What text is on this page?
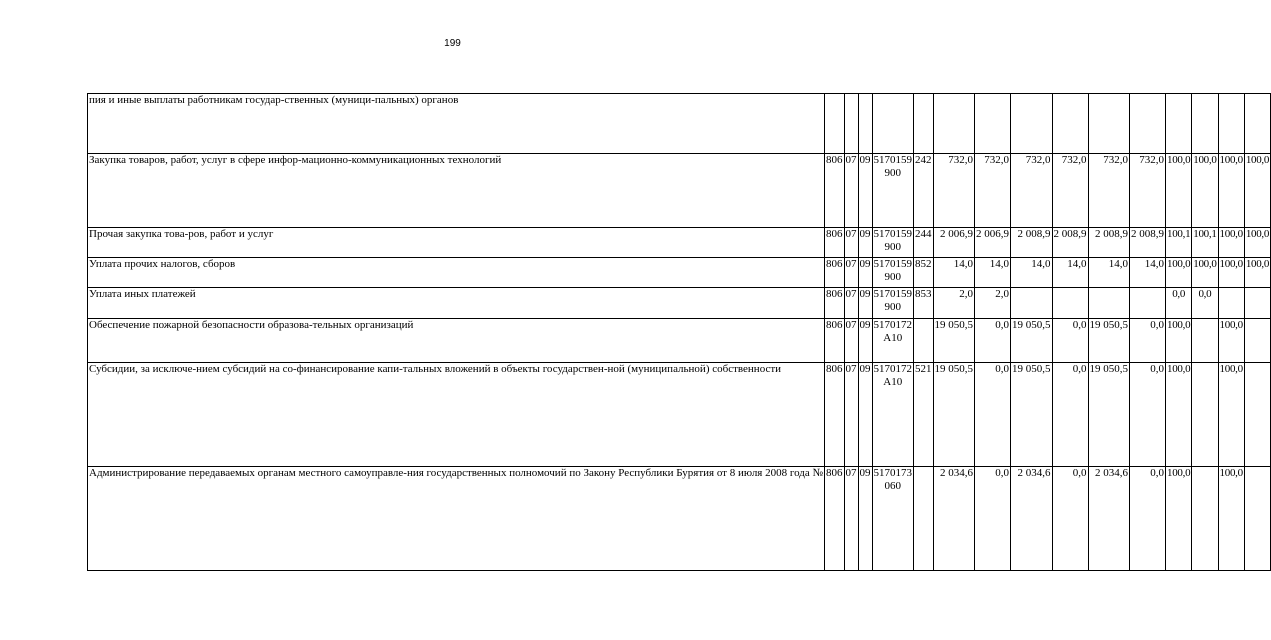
199
пия и иные выплаты работникам государ-ственных (муници-пальных) органов				

Закупка товаров, работ, услуг в сфере инфор-мационно-коммуникационных технологий	806	07	09	5170159
900	242	732,0	732,0	732,0	732,0	732,0	732,0	100,0	100,0	100,0	100,0
Прочая закупка това-ров, работ и услуг	806	07	09	5170159
900	244	2 006,9	2 006,9	2 008,9	2 008,9	2 008,9	2 008,9	100,1	100,1	100,0	100,0
Уплата прочих налогов, сборов	806	07	09	5170159
900	852	14,0	14,0	14,0	14,0	14,0	14,0	100,0	100,0	100,0	100,0
Уплата иных платежей	806	07	09	5170159
900	853	2,0	2,0					0,0	0,0		
Обеспечение пожарной безопасности образова-тельных организаций	806	07	09	5170172
А10		19 050,5	0,0	19 050,5	0,0	19 050,5	0,0	100,0		100,0	
Субсидии, за исключе-нием субсидий на со-финансирование капи-тальных вложений в объекты государствен-ной (муниципальной) собственности	806	07	09	5170172
А10	521	19 050,5	0,0	19 050,5	0,0	19 050,5	0,0	100,0		100,0	
Администрирование передаваемых органам местного самоуправле-ния государственных полномочий по Закону Республики Бурятия от 8 июля 2008 года №	806	07	09	5170173
060		2 034,6	0,0	2 034,6	0,0	2 034,6	0,0	100,0		100,0	
